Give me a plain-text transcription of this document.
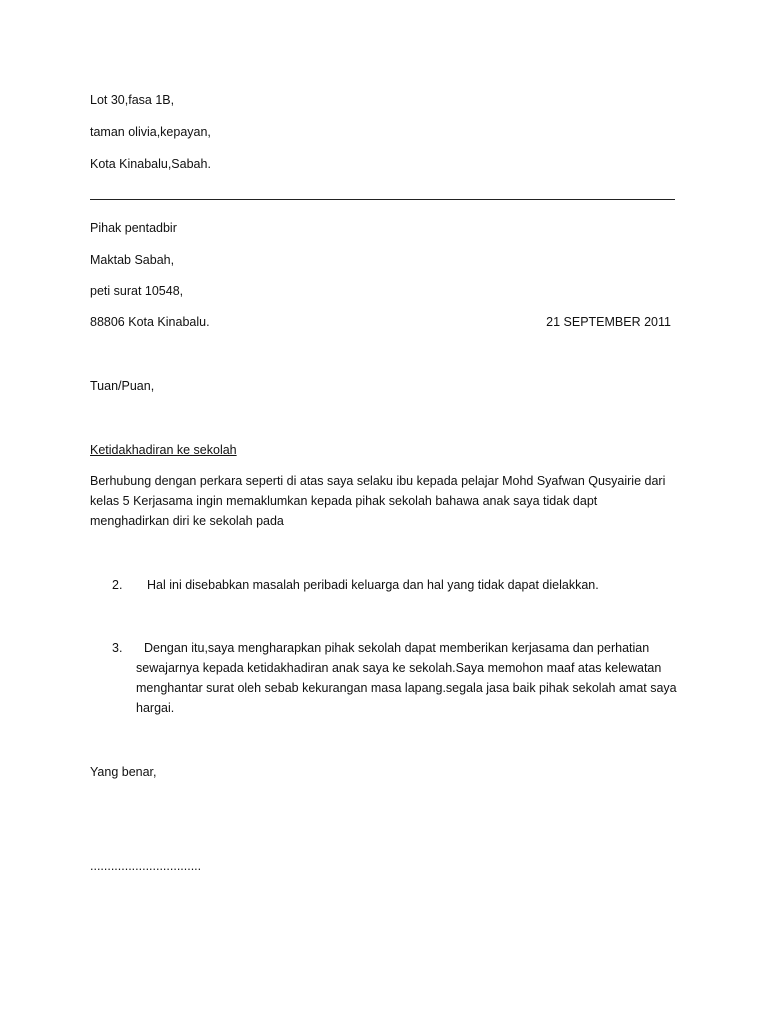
Lot 30,fasa 1B,
taman olivia,kepayan,
Kota Kinabalu,Sabah.
Pihak pentadbir
Maktab Sabah,
peti surat 10548,
88806 Kota Kinabalu.	21 SEPTEMBER 2011
Tuan/Puan,
Ketidakhadiran ke sekolah
Berhubung dengan perkara seperti di atas saya selaku ibu kepada pelajar Mohd Syafwan Qusyairie dari
kelas 5 Kerjasama ingin memaklumkan kepada pihak sekolah bahawa anak saya tidak dapt
menghadirkan diri ke sekolah pada
2. Hal ini disebabkan masalah peribadi keluarga dan hal yang tidak dapat dielakkan.
3. Dengan itu,saya mengharapkan pihak sekolah dapat memberikan kerjasama dan perhatian
sewajarnya kepada ketidakhadiran anak saya ke sekolah.Saya memohon maaf atas kelewatan
menghantar surat oleh sebab kekurangan masa lapang.segala jasa baik pihak sekolah amat saya
hargai.
Yang benar,
................................
